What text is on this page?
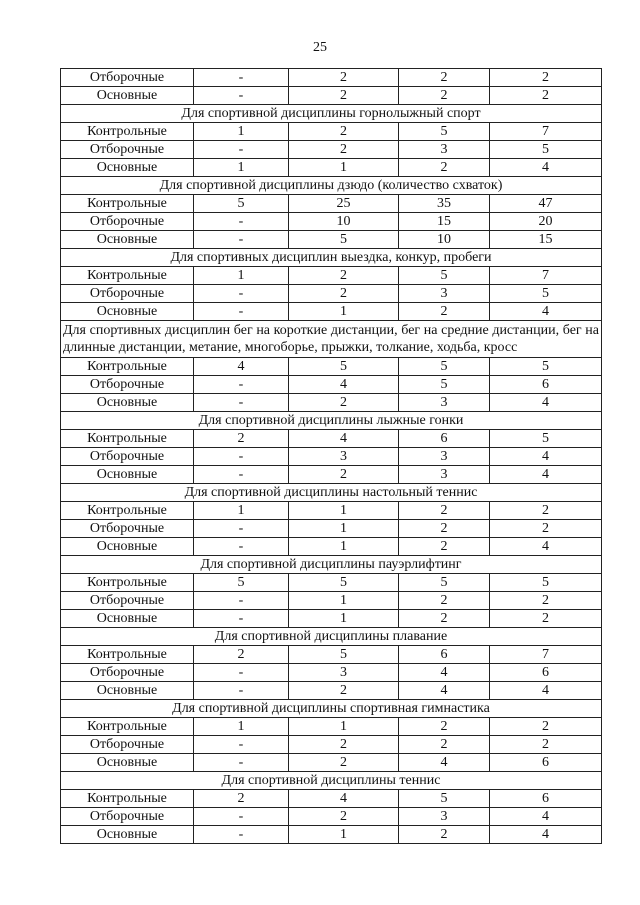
25
Отборочные	-	2	2	2
Основные	-	2	2	2
Для спортивной дисциплины горнолыжный спорт				
Контрольные	1	2	5	7
Отборочные	-	2	3	5
Основные	1	1	2	4
Для спортивной дисциплины дзюдо (количество схваток)				
Контрольные	5	25	35	47
Отборочные	-	10	15	20
Основные	-	5	10	15
Для спортивных дисциплин выездка, конкур, пробеги				
Контрольные	1	2	5	7
Отборочные	-	2	3	5
Основные	-	1	2	4
Для спортивных дисциплин бег на короткие дистанции, бег на средние дистанции, бег на длинные дистанции, метание, многоборье, прыжки, толкание, ходьба, кросс				
Контрольные	4	5	5	5
Отборочные	-	4	5	6
Основные	-	2	3	4
Для спортивной дисциплины лыжные гонки				
Контрольные	2	4	6	5
Отборочные	-	3	3	4
Основные	-	2	3	4
Для спортивной дисциплины настольный теннис				
Контрольные	1	1	2	2
Отборочные	-	1	2	2
Основные	-	1	2	4
Для спортивной дисциплины пауэрлифтинг				
Контрольные	5	5	5	5
Отборочные	-	1	2	2
Основные	-	1	2	2
Для спортивной дисциплины плавание				
Контрольные	2	5	6	7
Отборочные	-	3	4	6
Основные	-	2	4	4
Для спортивной дисциплины спортивная гимнастика				
Контрольные	1	1	2	2
Отборочные	-	2	2	2
Основные	-	2	4	6
Для спортивной дисциплины теннис				
Контрольные	2	4	5	6
Отборочные	-	2	3	4
Основные	-	1	2	4
